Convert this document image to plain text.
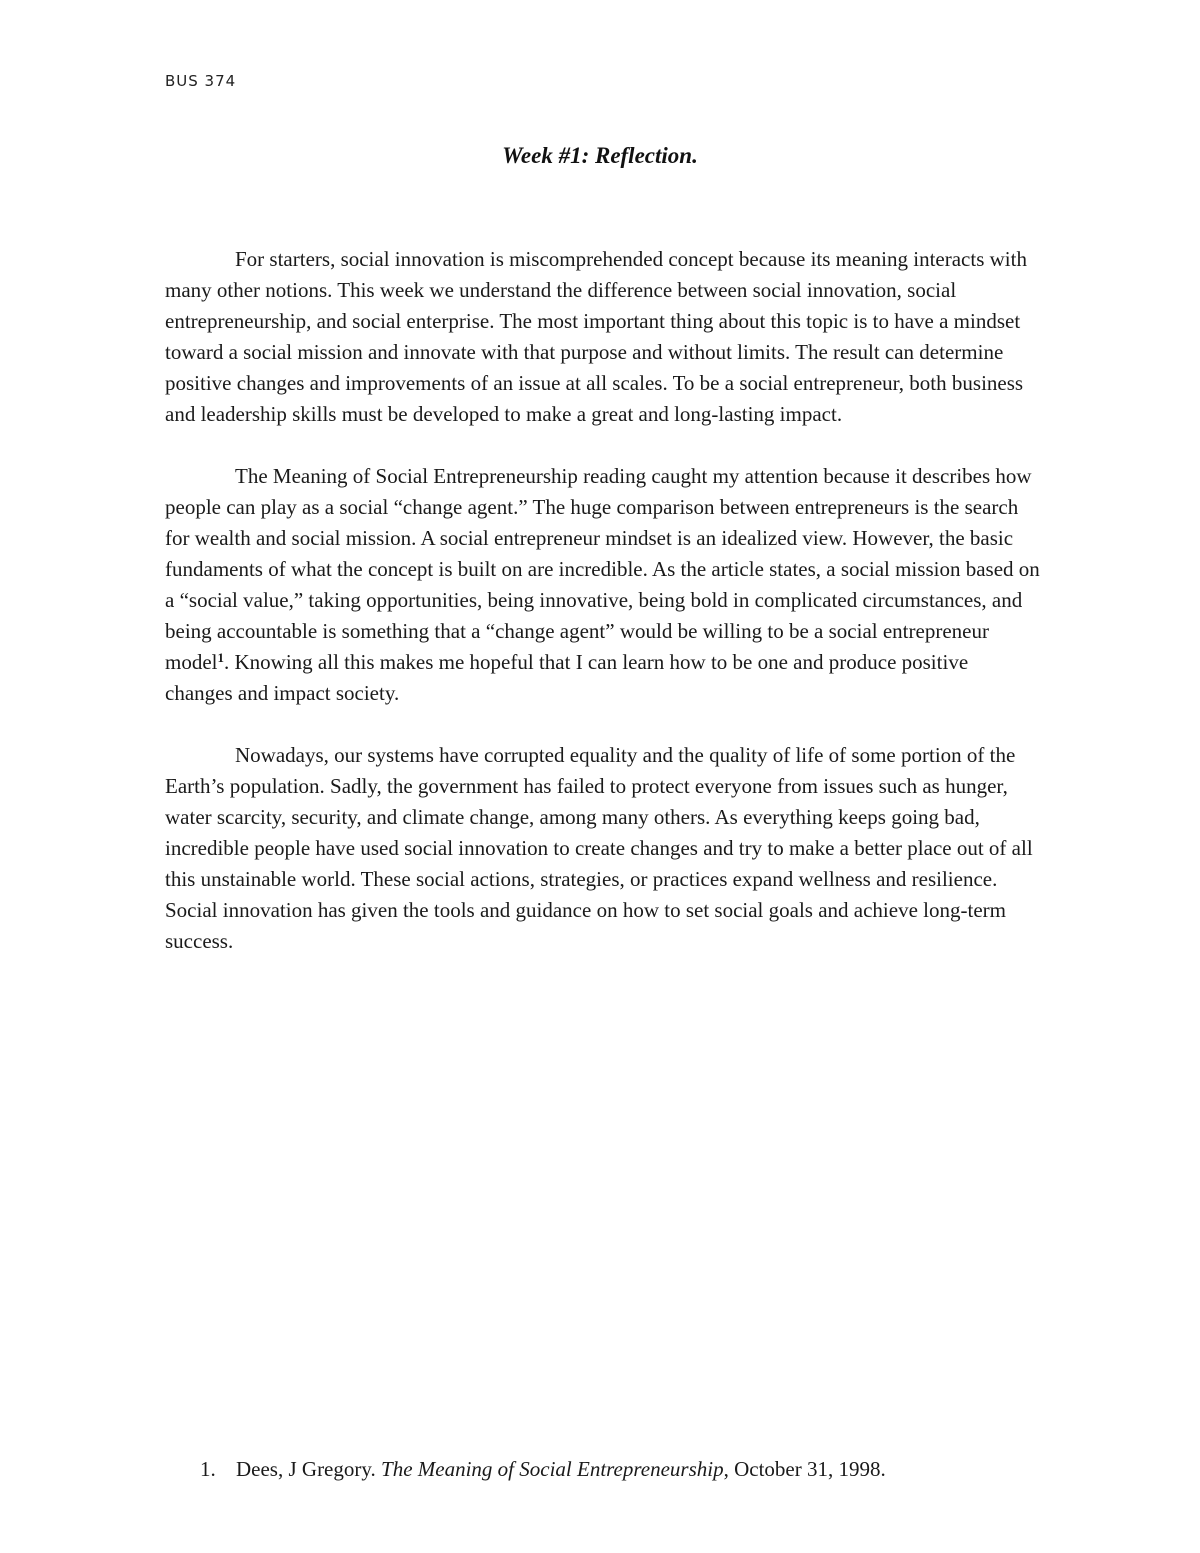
BUS 374
Week #1: Reflection.

For starters, social innovation is miscomprehended concept because its meaning interacts with many other notions. This week we understand the difference between social innovation, social entrepreneurship, and social enterprise. The most important thing about this topic is to have a mindset toward a social mission and innovate with that purpose and without limits. The result can determine positive changes and improvements of an issue at all scales. To be a social entrepreneur, both business and leadership skills must be developed to make a great and long-lasting impact.

The Meaning of Social Entrepreneurship reading caught my attention because it describes how people can play as a social “change agent.” The huge comparison between entrepreneurs is the search for wealth and social mission. A social entrepreneur mindset is an idealized view. However, the basic fundaments of what the concept is built on are incredible. As the article states, a social mission based on a “social value,” taking opportunities, being innovative, being bold in complicated circumstances, and being accountable is something that a “change agent” would be willing to be a social entrepreneur model$^1$. Knowing all this makes me hopeful that I can learn how to be one and produce positive changes and impact society.

Nowadays, our systems have corrupted equality and the quality of life of some portion of the Earth’s population. Sadly, the government has failed to protect everyone from issues such as hunger, water scarcity, security, and climate change, among many others. As everything keeps going bad, incredible people have used social innovation to create changes and try to make a better place out of all this unstainable world. These social actions, strategies, or practices expand wellness and resilience. Social innovation has given the tools and guidance on how to set social goals and achieve long-term success.

1. Dees, J Gregory. The Meaning of Social Entrepreneurship, October 31, 1998.
